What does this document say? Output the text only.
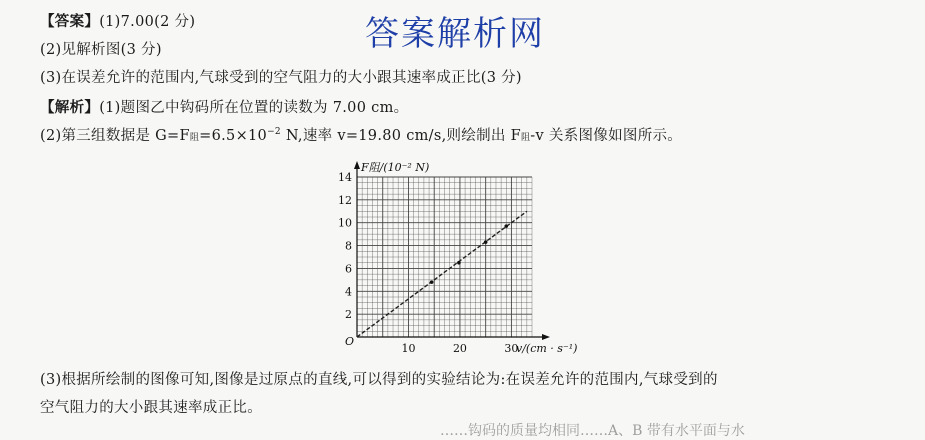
答案解析网
【答案】(1)7.00(2 分)
(2)见解析图(3 分)
(3)在误差允许的范围内,气球受到的空气阻力的大小跟其速率成正比(3 分)
【解析】(1)题图乙中钩码所在位置的读数为 7.00 cm。
(2)第三组数据是 G=F阻$=6.5\times 10^{-2}$ N,速率 v=19.80 cm/s,则绘制出 F阻-v 关系图像如图所示。
2
4
6
8
10
12
14
10	20	30
O
F阻/(10⁻² N)
v/(cm · s⁻¹)
(3)根据所绘制的图像可知,图像是过原点的直线,可以得到的实验结论为:在误差允许的范围内,气球受到的
空气阻力的大小跟其速率成正比。
……钩码的质量均相同……A、B 带有水平面与水
